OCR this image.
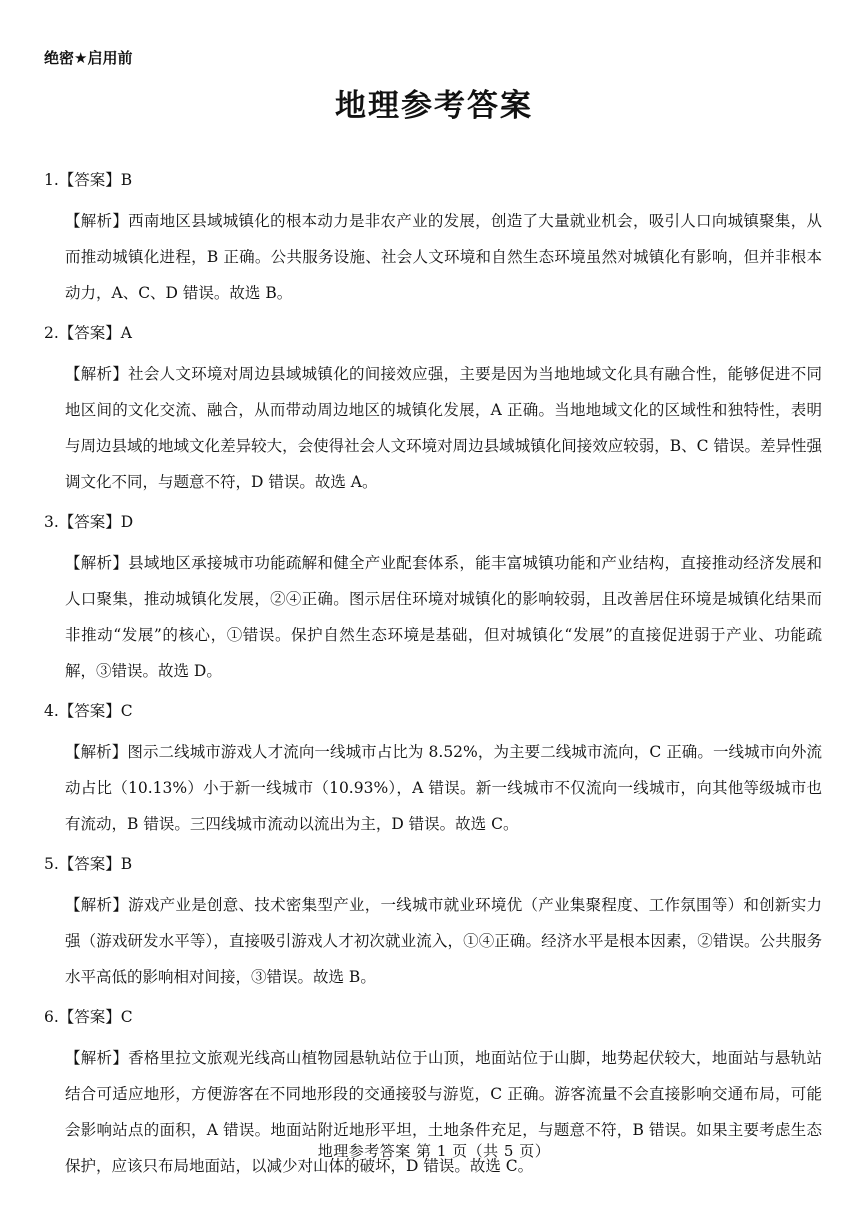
绝密★启用前
地理参考答案
1.【答案】B
【解析】西南地区县域城镇化的根本动力是非农产业的发展，创造了大量就业机会，吸引人口向城镇聚集，从而推动城镇化进程，B 正确。公共服务设施、社会人文环境和自然生态环境虽然对城镇化有影响，但并非根本动力，A、C、D 错误。故选 B。
2.【答案】A
【解析】社会人文环境对周边县域城镇化的间接效应强，主要是因为当地地域文化具有融合性，能够促进不同地区间的文化交流、融合，从而带动周边地区的城镇化发展，A 正确。当地地域文化的区域性和独特性，表明与周边县域的地域文化差异较大，会使得社会人文环境对周边县域城镇化间接效应较弱，B、C 错误。差异性强调文化不同，与题意不符，D 错误。故选 A。
3.【答案】D
【解析】县域地区承接城市功能疏解和健全产业配套体系，能丰富城镇功能和产业结构，直接推动经济发展和人口聚集，推动城镇化发展，②④正确。图示居住环境对城镇化的影响较弱，且改善居住环境是城镇化结果而非推动“发展”的核心，①错误。保护自然生态环境是基础，但对城镇化“发展”的直接促进弱于产业、功能疏解，③错误。故选 D。
4.【答案】C
【解析】图示二线城市游戏人才流向一线城市占比为 8.52%，为主要二线城市流向，C 正确。一线城市向外流动占比（10.13%）小于新一线城市（10.93%），A 错误。新一线城市不仅流向一线城市，向其他等级城市也有流动，B 错误。三四线城市流动以流出为主，D 错误。故选 C。
5.【答案】B
【解析】游戏产业是创意、技术密集型产业，一线城市就业环境优（产业集聚程度、工作氛围等）和创新实力强（游戏研发水平等），直接吸引游戏人才初次就业流入，①④正确。经济水平是根本因素，②错误。公共服务水平高低的影响相对间接，③错误。故选 B。
6.【答案】C
【解析】香格里拉文旅观光线高山植物园悬轨站位于山顶，地面站位于山脚，地势起伏较大，地面站与悬轨站结合可适应地形，方便游客在不同地形段的交通接驳与游览，C 正确。游客流量不会直接影响交通布局，可能会影响站点的面积，A 错误。地面站附近地形平坦，土地条件充足，与题意不符，B 错误。如果主要考虑生态保护，应该只布局地面站，以减少对山体的破坏，D 错误。故选 C。
地理参考答案 第 1 页（共 5 页）
